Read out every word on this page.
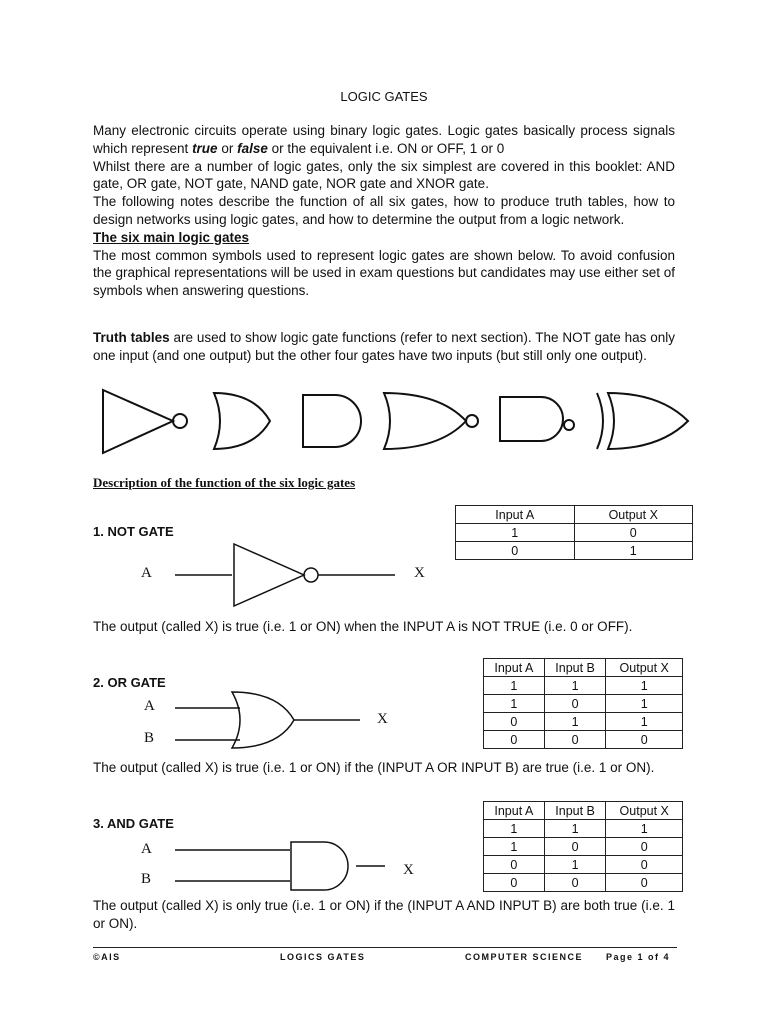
LOGIC GATES

Many electronic circuits operate using binary logic gates. Logic gates basically process signals which represent true or false or the equivalent i.e. ON or OFF, 1 or 0

Whilst there are a number of logic gates, only the six simplest are covered in this booklet: AND gate, OR gate, NOT gate, NAND gate, NOR gate and XNOR gate.

The following notes describe the function of all six gates, how to produce truth tables, how to design networks using logic gates, and how to determine the output from a logic network.

The six main logic gates

The most common symbols used to represent logic gates are shown below. To avoid confusion the graphical representations will be used in exam questions but candidates may use either set of symbols when answering questions.

Truth tables are used to show logic gate functions (refer to next section). The NOT gate has only one input (and one output) but the other four gates have two inputs (but still only one output).

Description of the function of the six logic gates
1. NOT GATE
Input A	Output X
1	0
0	1
A	X
The output (called X) is true (i.e. 1 or ON) when the INPUT A is NOT TRUE (i.e. 0 or OFF).
2. OR GATE
Input A	Input B	Output X
1	1	1
1	0	1
0	1	1
0	0	0
A
B
X
The output (called X) is true (i.e. 1 or ON) if the (INPUT A OR INPUT B) are true (i.e. 1 or ON).
3. AND GATE
Input A	Input B	Output X
1	1	1
1	0	0
0	1	0
0	0	0
A
B
X
The output (called X) is only true (i.e. 1 or ON) if the (INPUT A AND INPUT B) are both true (i.e. 1 or ON).
©AIS	LOGICS GATES	COMPUTER SCIENCE	Page 1 of 4
